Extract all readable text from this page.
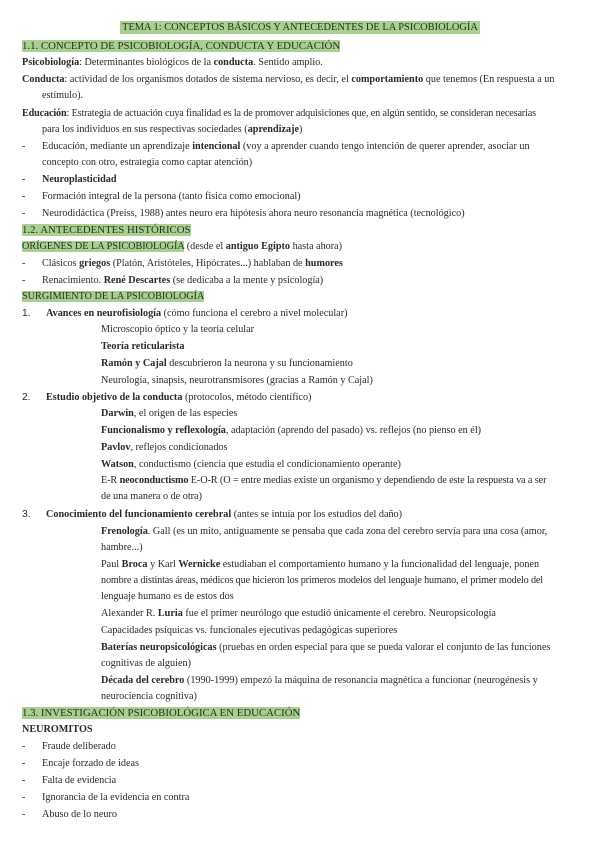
TEMA 1: CONCEPTOS BÁSICOS Y ANTECEDENTES DE LA PSICOBIOLOGÍA
1.1. CONCEPTO DE PSICOBIOLOGÍA, CONDUCTA Y EDUCACIÓN
Psicobiología: Determinantes biológicos de la conducta. Sentido amplio.
Conducta: actividad de los organismos dotados de sistema nervioso, es decir, el comportamiento que tenemos (En respuesta a un
estímulo).
Educación: Estrategia de actuación cuya finalidad es la de promover adquisiciones que, en algún sentido, se consideran necesarias
para los individuos en sus respectivas sociedades (aprendizaje)
- Educación, mediante un aprendizaje intencional (voy a aprender cuando tengo intención de querer aprender, asociar un
concepto con otro, estrategia como captar atención)
- Neuroplasticidad
- Formación integral de la persona (tanto física como emocional)
- Neurodidáctica (Preiss, 1988) antes neuro era hipótesis ahora neuro resonancia magnética (tecnológico)
1.2. ANTECEDENTES HISTÓRICOS
ORÍGENES DE LA PSICOBIOLOGÍA (desde el antiguo Egipto hasta ahora)
- Clásicos griegos (Platón, Aristóteles, Hipócrates...) hablaban de humores
- Renacimiento. René Descartes (se dedicaba a la mente y psicología)
SURGIMIENTO DE LA PSICOBIOLOGÍA
1. Avances en neurofisiología (cómo funciona el cerebro a nivel molecular)
Microscopio óptico y la teoría celular
Teoría reticularista
Ramón y Cajal descubrieron la neurona y su funcionamiento
Neurología, sinapsis, neurotransmisores (gracias a Ramón y Cajal)
2. Estudio objetivo de la conducta (protocolos, método científico)
Darwin, el origen de las especies
Funcionalismo y reflexología, adaptación (aprendo del pasado) vs. reflejos (no pienso en él)
Pavlov, reflejos condicionados
Watson, conductismo (ciencia que estudia el condicionamiento operante)
E-R neoconductismo E-O-R (O = entre medias existe un organismo y dependiendo de este la respuesta va a ser
de una manera o de otra)
3. Conocimiento del funcionamiento cerebral (antes se intuía por los estudios del daño)
Frenología. Gall (es un mito, antiguamente se pensaba que cada zona del cerebro servía para una cosa (amor,
hambre...)
Paul Broca y Karl Wernicke estudiaban el comportamiento humano y la funcionalidad del lenguaje, ponen
nombre a distintas áreas, médicos que hicieron los primeros modelos del lenguaje humano, el primer modelo del
lenguaje humano es de estos dos
Alexander R. Luria fue el primer neurólogo que estudió únicamente el cerebro. Neuropsicología
Capacidades psíquicas vs. funcionales ejecutivas pedagógicas superiores
Baterías neuropsicológicas (pruebas en orden especial para que se pueda valorar el conjunto de las funciones
cognitivas de alguien)
Década del cerebro (1990-1999) empezó la máquina de resonancia magnética a funcionar (neurogénesis y
neurociencia cognitiva)
1.3. INVESTIGACIÓN PSICOBIOLÓGICA EN EDUCACIÓN
NEUROMITOS
- Fraude deliberado
- Encaje forzado de ideas
- Falta de evidencia
- Ignorancia de la evidencia en contra
- Abuso de lo neuro
